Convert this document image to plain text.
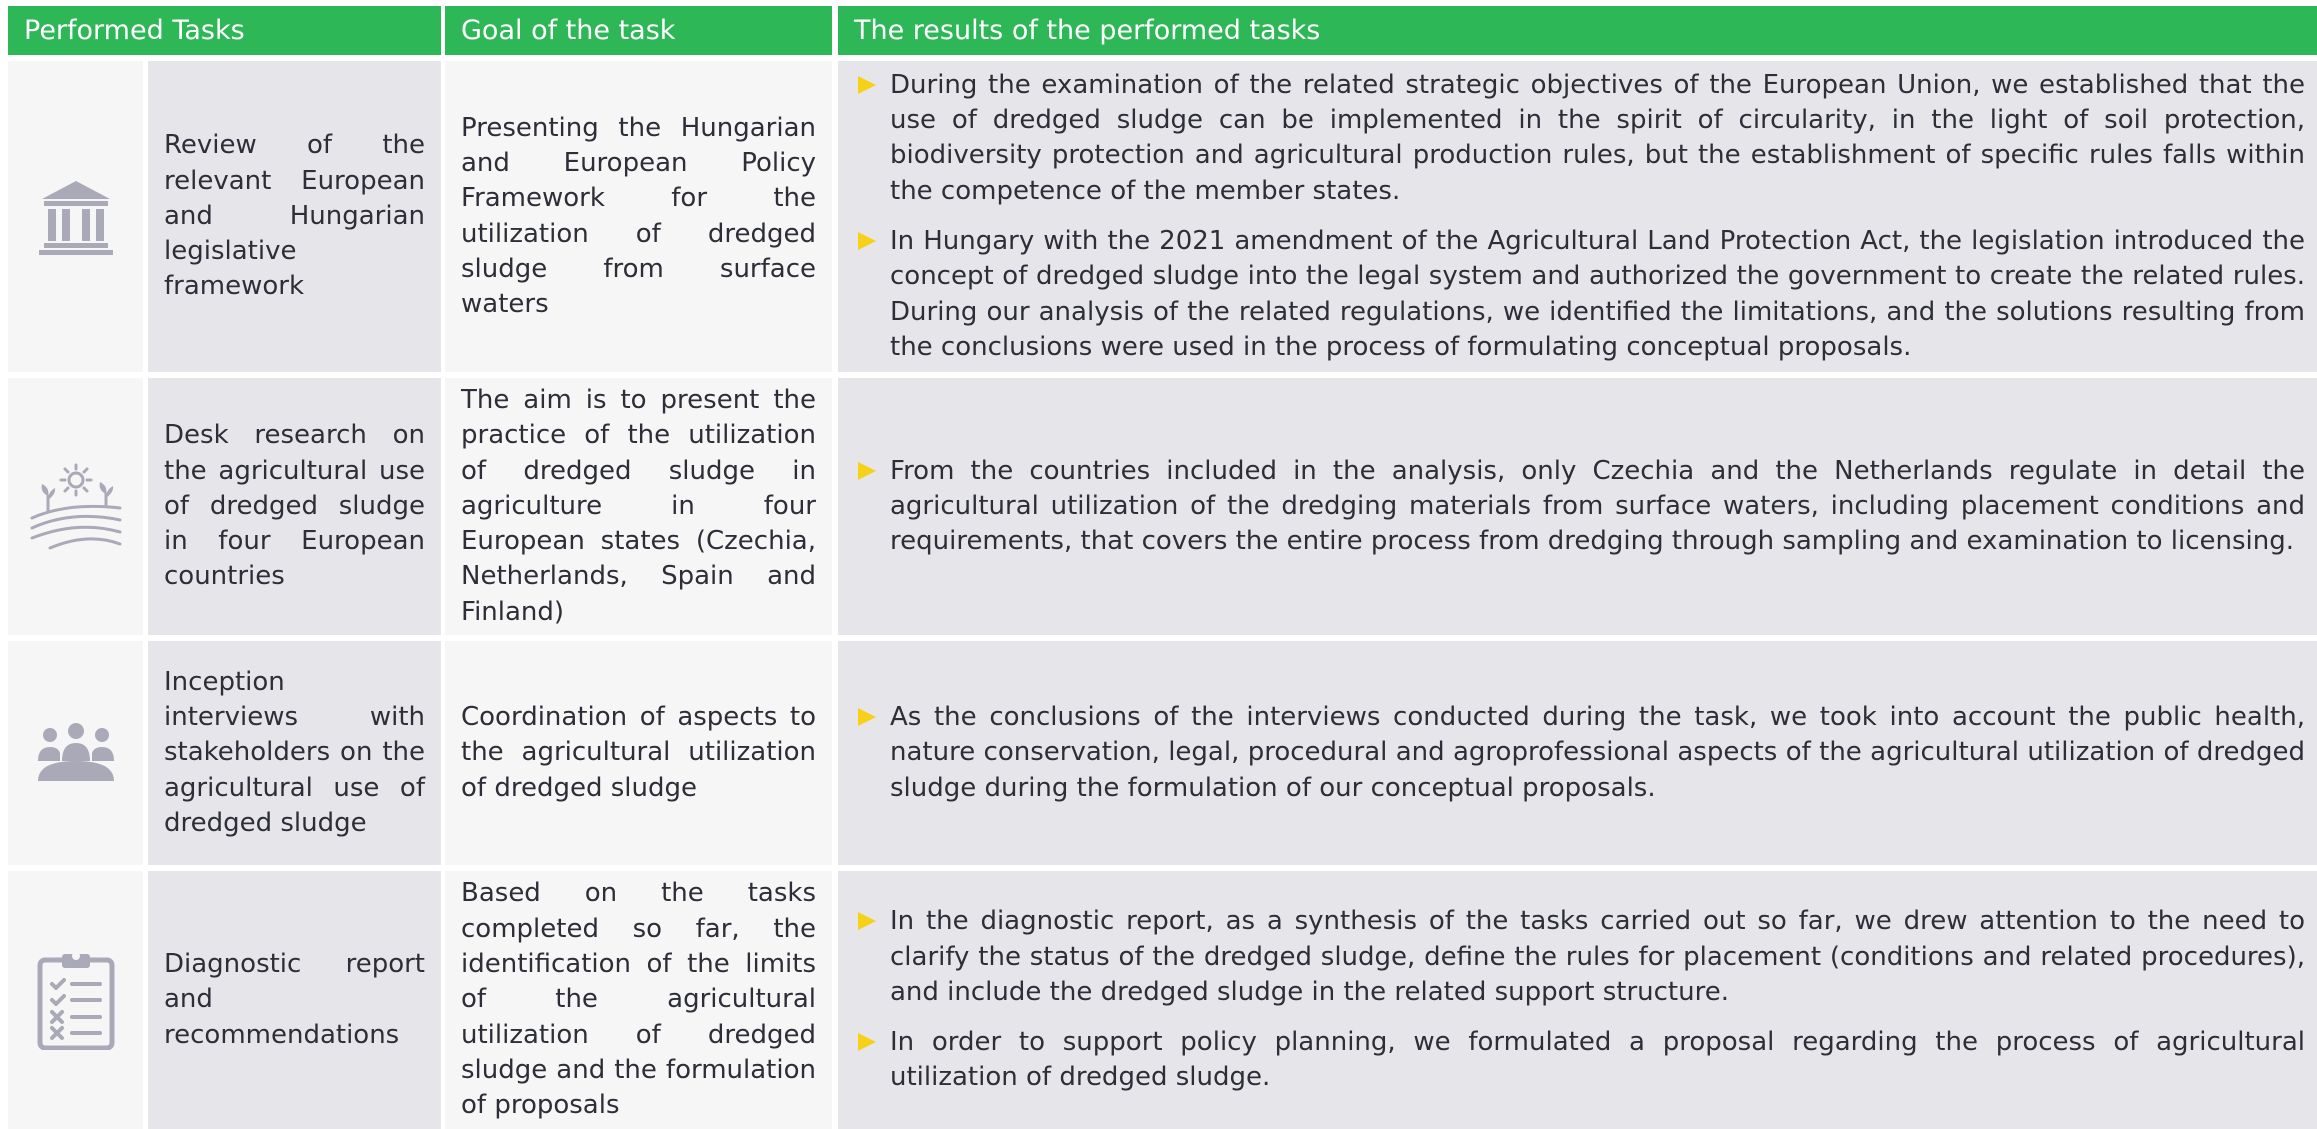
Performed Tasks	Goal of the task	The results of the performed tasks
Review of the relevant European and Hungarian legislative framework
Presenting the Hungarian and European Policy Framework for the utilization of dredged sludge from surface waters
During the examination of the related strategic objectives of the European Union, we established that the use of dredged sludge can be implemented in the spirit of circularity, in the light of soil protection, biodiversity protection and agricultural production rules, but the establishment of specific rules falls within the competence of the member states.
In Hungary with the 2021 amendment of the Agricultural Land Protection Act, the legislation introduced the concept of dredged sludge into the legal system and authorized the government to create the related rules. During our analysis of the related regulations, we identified the limitations, and the solutions resulting from the conclusions were used in the process of formulating conceptual proposals.
Desk research on the agricultural use of dredged sludge in four European countries
The aim is to present the practice of the utilization of dredged sludge in agriculture in four European states (Czechia, Netherlands, Spain and Finland)
From the countries included in the analysis, only Czechia and the Netherlands regulate in detail the agricultural utilization of the dredging materials from surface waters, including placement conditions and requirements, that covers the entire process from dredging through sampling and examination to licensing.
Inception interviews with stakeholders on the agricultural use of dredged sludge
Coordination of aspects to the agricultural utilization of dredged sludge
As the conclusions of the interviews conducted during the task, we took into account the public health, nature conservation, legal, procedural and agroprofessional aspects of the agricultural utilization of dredged sludge during the formulation of our conceptual proposals.
Diagnostic report and recommendations
Based on the tasks completed so far, the identification of the limits of the agricultural utilization of dredged sludge and the formulation of proposals
In the diagnostic report, as a synthesis of the tasks carried out so far, we drew attention to the need to clarify the status of the dredged sludge, define the rules for placement (conditions and related procedures), and include the dredged sludge in the related support structure.
In order to support policy planning, we formulated a proposal regarding the process of agricultural utilization of dredged sludge.
